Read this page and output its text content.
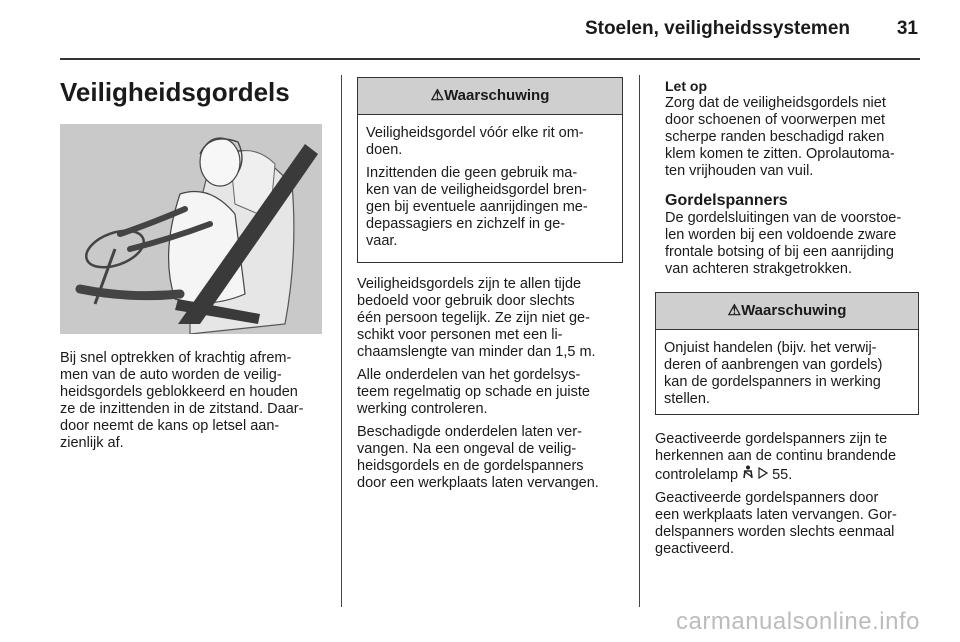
Stoelen, veiligheidssystemen 31
Veiligheidsgordels
Bij snel optrekken of krachtig afrem-
men van de auto worden de veilig-
heidsgordels geblokkeerd en houden
ze de inzittenden in de zitstand. Daar-
door neemt de kans op letsel aan-
zienlijk af.
⚠Waarschuwing

Veiligheidsgordel vóór elke rit om-
doen.

Inzittenden die geen gebruik ma-
ken van de veiligheidsgordel bren-
gen bij eventuele aanrijdingen me-
depassagiers en zichzelf in ge-
vaar.

Veiligheidsgordels zijn te allen tijde
bedoeld voor gebruik door slechts
één persoon tegelijk. Ze zijn niet ge-
schikt voor personen met een li-
chaamslengte van minder dan 1,5 m.

Alle onderdelen van het gordelsys-
teem regelmatig op schade en juiste
werking controleren.

Beschadigde onderdelen laten ver-
vangen. Na een ongeval de veilig-
heidsgordels en de gordelspanners
door een werkplaats laten vervangen.

Let op
Zorg dat de veiligheidsgordels niet
door schoenen of voorwerpen met
scherpe randen beschadigd raken
klem komen te zitten. Oprolautoma-
ten vrijhouden van vuil.
Gordelspanners
De gordelsluitingen van de voorstoe-
len worden bij een voldoende zware
frontale botsing of bij een aanrijding
van achteren strakgetrokken.
⚠Waarschuwing
Onjuist handelen (bijv. het verwij-
deren of aanbrengen van gordels)
kan de gordelspanners in werking
stellen.

Geactiveerde gordelspanners zijn te
herkennen aan de continu brandende
controlelamp 55.

Geactiveerde gordelspanners door
een werkplaats laten vervangen. Gor-
delspanners worden slechts eenmaal
geactiveerd.

carmanualsonline.info
